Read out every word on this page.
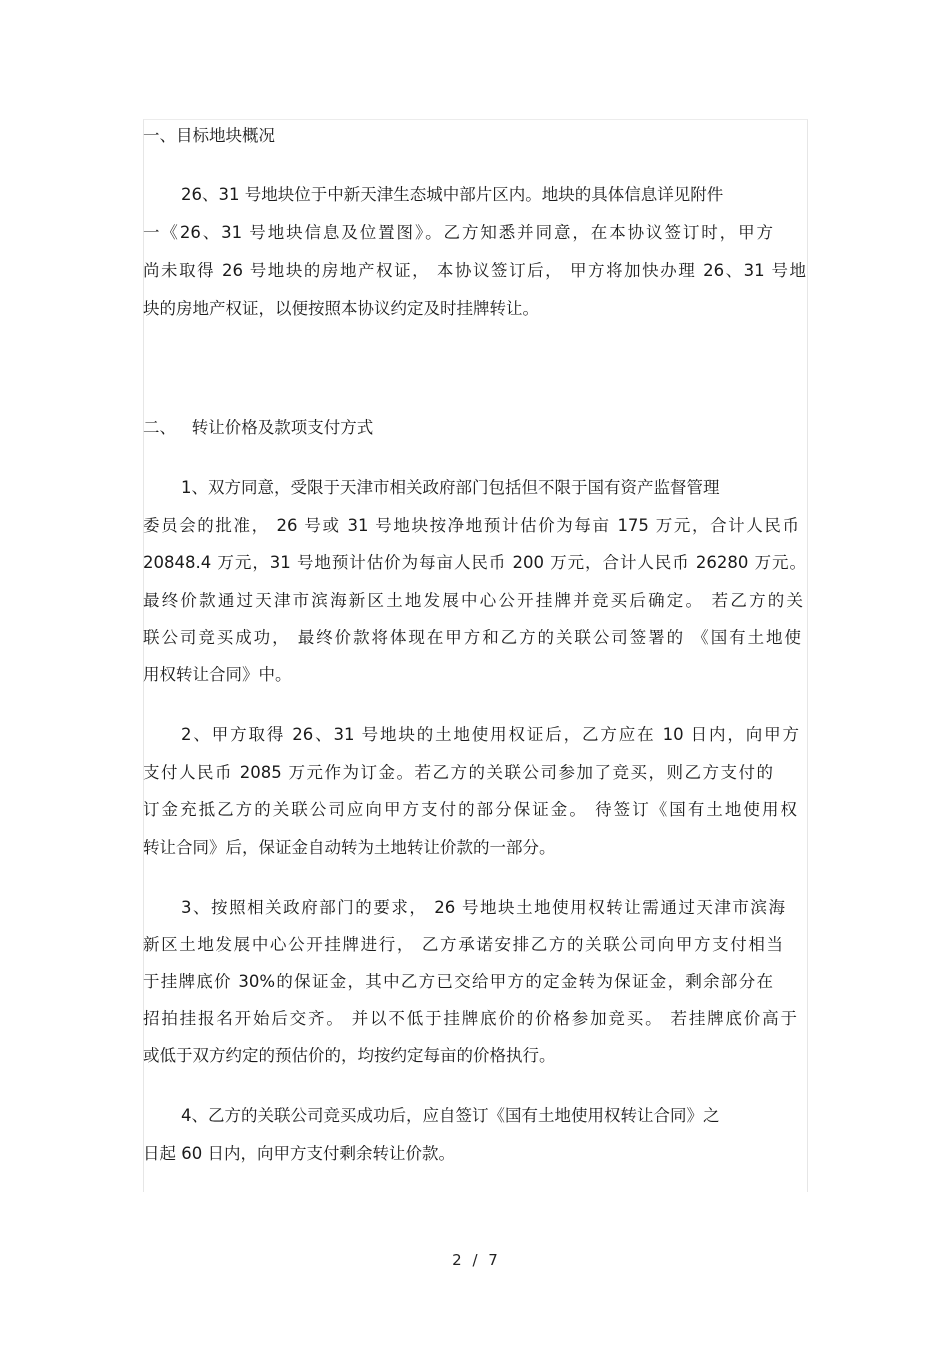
一、目标地块概况
26、31 号地块位于中新天津生态城中部片区内。地块的具体信息详见附件
一《26、31 号地块信息及位置图》。乙方知悉并同意，在本协议签订时，甲方
尚未取得 26 号地块的房地产权证， 本协议签订后， 甲方将加快办理 26、31 号地
块的房地产权证，以便按照本协议约定及时挂牌转让。
二、   转让价格及款项支付方式
1、双方同意，受限于天津市相关政府部门包括但不限于国有资产监督管理
委员会的批准， 26 号或 31 号地块按净地预计估价为每亩 175 万元，合计人民币
20848.4 万元，31 号地预计估价为每亩人民币 200 万元，合计人民币 26280 万元。
最终价款通过天津市滨海新区土地发展中心公开挂牌并竞买后确定。 若乙方的关
联公司竞买成功， 最终价款将体现在甲方和乙方的关联公司签署的 《国有土地使
用权转让合同》中。
2、甲方取得 26、31 号地块的土地使用权证后，乙方应在 10 日内，向甲方
支付人民币 2085 万元作为订金。若乙方的关联公司参加了竞买，则乙方支付的
订金充抵乙方的关联公司应向甲方支付的部分保证金。 待签订《国有土地使用权
转让合同》后，保证金自动转为土地转让价款的一部分。
3、按照相关政府部门的要求， 26 号地块土地使用权转让需通过天津市滨海
新区土地发展中心公开挂牌进行， 乙方承诺安排乙方的关联公司向甲方支付相当
于挂牌底价 30%的保证金，其中乙方已交给甲方的定金转为保证金，剩余部分在
招拍挂报名开始后交齐。 并以不低于挂牌底价的价格参加竞买。 若挂牌底价高于
或低于双方约定的预估价的，均按约定每亩的价格执行。
4、乙方的关联公司竞买成功后，应自签订《国有土地使用权转让合同》之
日起 60 日内，向甲方支付剩余转让价款。
2 / 7
